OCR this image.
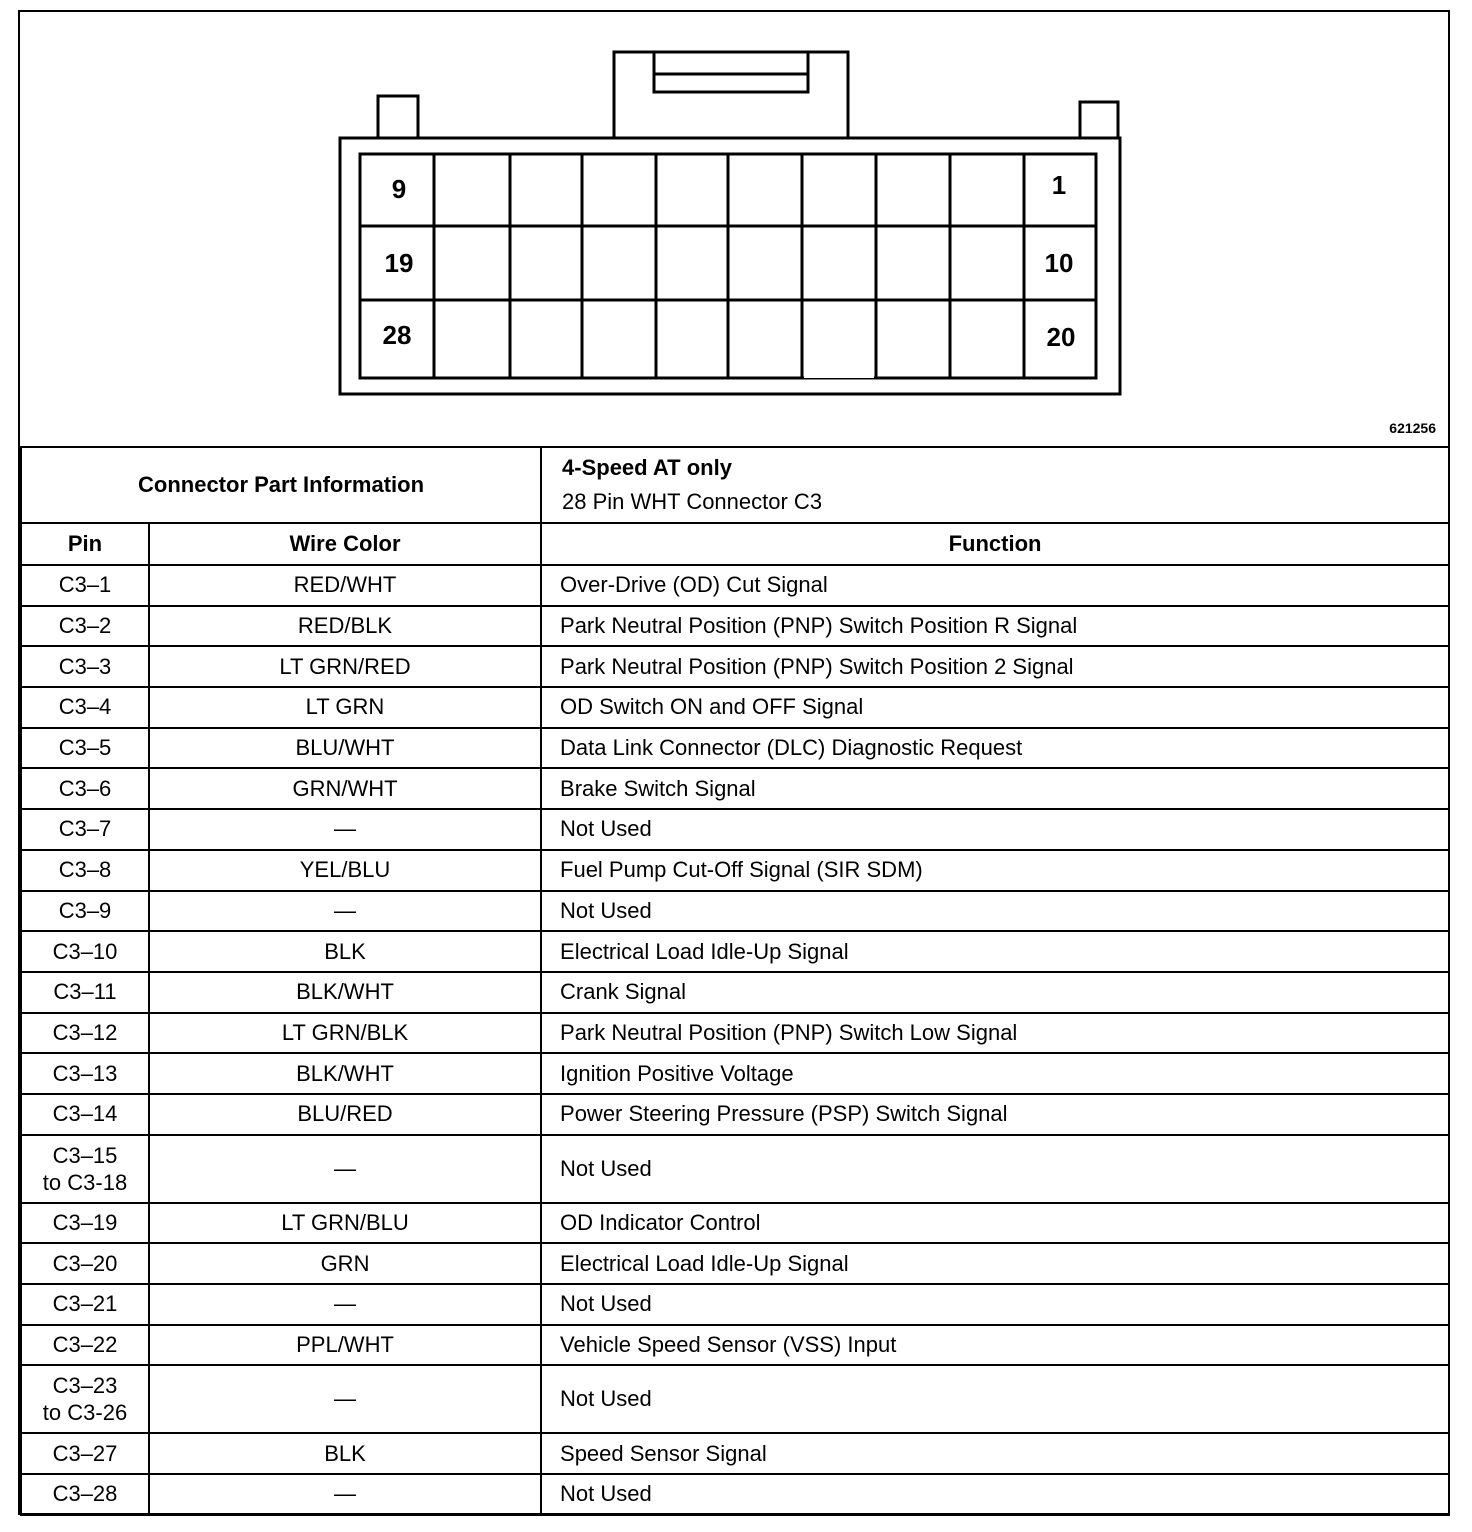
9	1
19	10
28	20
621256
Connector Part Information		4-Speed AT only
28 Pin WHT Connector C3
Pin	Wire Color	Function
C3–1	RED/WHT	Over-Drive (OD) Cut Signal
C3–2	RED/BLK	Park Neutral Position (PNP) Switch Position R Signal
C3–3	LT GRN/RED	Park Neutral Position (PNP) Switch Position 2 Signal
C3–4	LT GRN	OD Switch ON and OFF Signal
C3–5	BLU/WHT	Data Link Connector (DLC) Diagnostic Request
C3–6	GRN/WHT	Brake Switch Signal
C3–7	—	Not Used
C3–8	YEL/BLU	Fuel Pump Cut-Off Signal (SIR SDM)
C3–9	—	Not Used
C3–10	BLK	Electrical Load Idle-Up Signal
C3–11	BLK/WHT	Crank Signal
C3–12	LT GRN/BLK	Park Neutral Position (PNP) Switch Low Signal
C3–13	BLK/WHT	Ignition Positive Voltage
C3–14	BLU/RED	Power Steering Pressure (PSP) Switch Signal

C3–15
to C3-18	—	Not Used
C3–19	LT GRN/BLU	OD Indicator Control
C3–20	GRN	Electrical Load Idle-Up Signal
C3–21	—	Not Used
C3–22	PPL/WHT	Vehicle Speed Sensor (VSS) Input

C3–23
to C3-26	—	Not Used
C3–27	BLK	Speed Sensor Signal
C3–28	—	Not Used
